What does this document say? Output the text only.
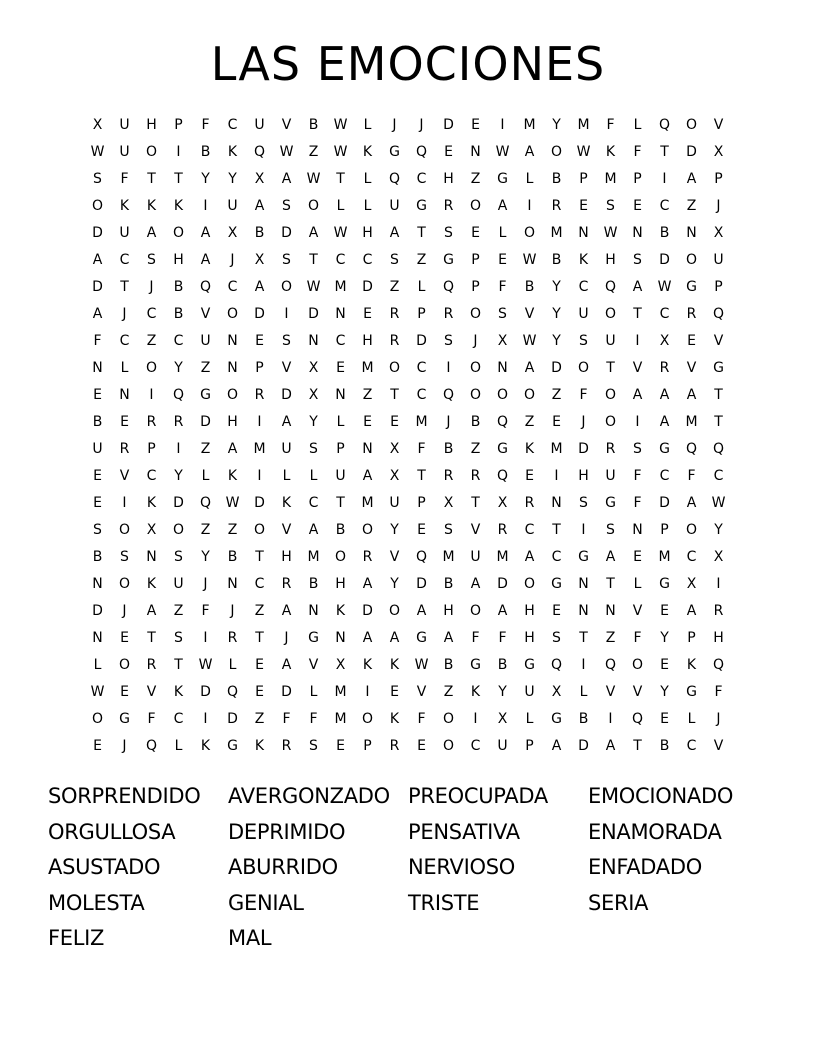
LAS EMOCIONES
X	U	H	P	F	C	U	V	B	W	L	J	J	D	E	I	M	Y	M	F	L	Q	O	V
W	U	O	I	B	K	Q	W	Z	W	K	G	Q	E	N	W	A	O	W	K	F	T	D	X
S	F	T	T	Y	Y	X	A	W	T	L	Q	C	H	Z	G	L	B	P	M	P	I	A	P
O	K	K	K	I	U	A	S	O	L	L	U	G	R	O	A	I	R	E	S	E	C	Z	J
D	U	A	O	A	X	B	D	A	W	H	A	T	S	E	L	O	M	N	W	N	B	N	X
A	C	S	H	A	J	X	S	T	C	C	S	Z	G	P	E	W	B	K	H	S	D	O	U
D	T	J	B	Q	C	A	O	W	M	D	Z	L	Q	P	F	B	Y	C	Q	A	W	G	P
A	J	C	B	V	O	D	I	D	N	E	R	P	R	O	S	V	Y	U	O	T	C	R	Q
F	C	Z	C	U	N	E	S	N	C	H	R	D	S	J	X	W	Y	S	U	I	X	E	V
N	L	O	Y	Z	N	P	V	X	E	M	O	C	I	O	N	A	D	O	T	V	R	V	G
E	N	I	Q	G	O	R	D	X	N	Z	T	C	Q	O	O	O	Z	F	O	A	A	A	T
B	E	R	R	D	H	I	A	Y	L	E	E	M	J	B	Q	Z	E	J	O	I	A	M	T
U	R	P	I	Z	A	M	U	S	P	N	X	F	B	Z	G	K	M	D	R	S	G	Q	Q
E	V	C	Y	L	K	I	L	L	U	A	X	T	R	R	Q	E	I	H	U	F	C	F	C
E	I	K	D	Q	W	D	K	C	T	M	U	P	X	T	X	R	N	S	G	F	D	A	W
S	O	X	O	Z	Z	O	V	A	B	O	Y	E	S	V	R	C	T	I	S	N	P	O	Y
B	S	N	S	Y	B	T	H	M	O	R	V	Q	M	U	M	A	C	G	A	E	M	C	X
N	O	K	U	J	N	C	R	B	H	A	Y	D	B	A	D	O	G	N	T	L	G	X	I
D	J	A	Z	F	J	Z	A	N	K	D	O	A	H	O	A	H	E	N	N	V	E	A	R
N	E	T	S	I	R	T	J	G	N	A	A	G	A	F	F	H	S	T	Z	F	Y	P	H
L	O	R	T	W	L	E	A	V	X	K	K	W	B	G	B	G	Q	I	Q	O	E	K	Q
W	E	V	K	D	Q	E	D	L	M	I	E	V	Z	K	Y	U	X	L	V	V	Y	G	F
O	G	F	C	I	D	Z	F	F	M	O	K	F	O	I	X	L	G	B	I	Q	E	L	J
E	J	Q	L	K	G	K	R	S	E	P	R	E	O	C	U	P	A	D	A	T	B	C	V
SORPRENDIDO	AVERGONZADO PREOCUPADA	EMOCIONADO
ORGULLOSA	DEPRIMIDO	PENSATIVA	ENAMORADA
ASUSTADO	ABURRIDO	NERVIOSO	ENFADADO
MOLESTA	GENIAL	TRISTE	SERIA
FELIZ	MAL
